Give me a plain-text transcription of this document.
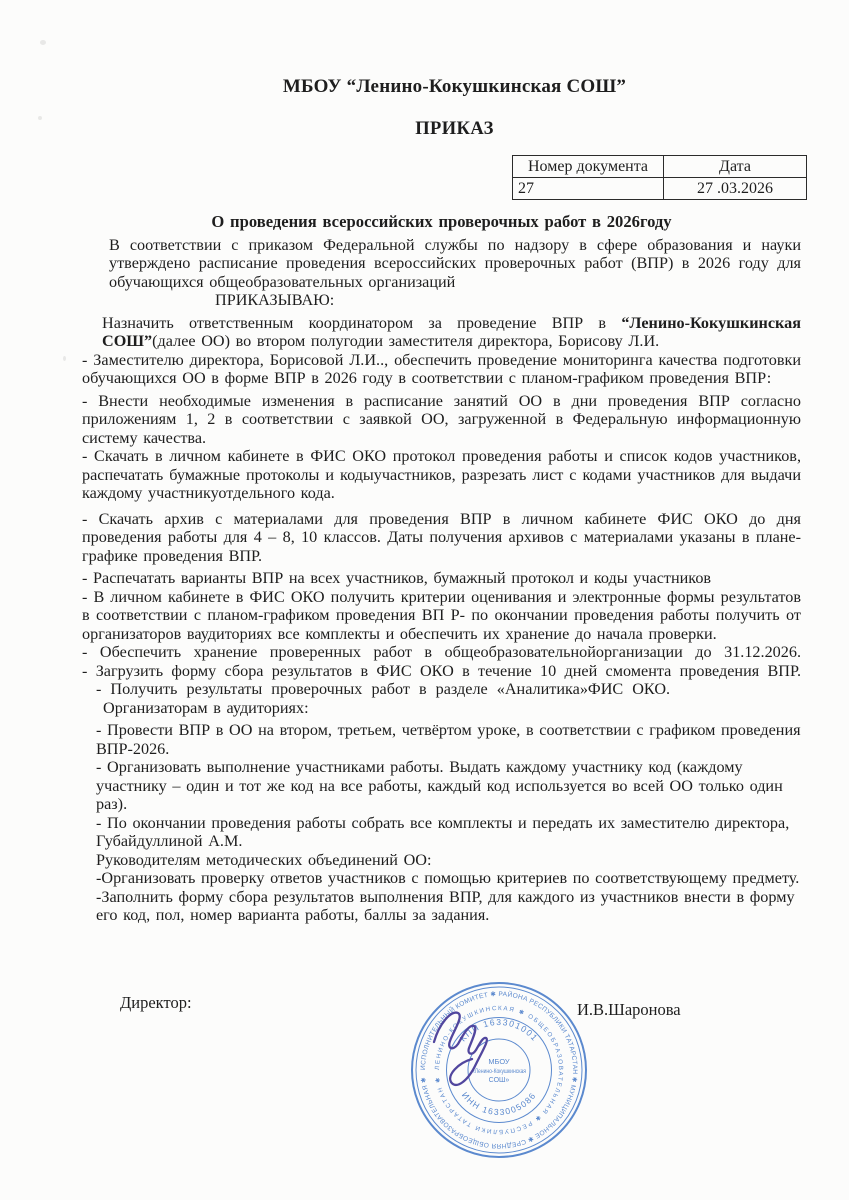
МБОУ “Ленино-Кокушкинская СОШ”
ПРИКАЗ
Номер документа	Дата
27	27 .03.2026

О проведения всероссийских проверочных работ в 2026году

В соответствии с приказом Федеральной службы по надзору в сфере образования и науки утверждено расписание проведения всероссийских проверочных работ (ВПР) в 2026 году для обучающихся общеобразовательных организаций

ПРИКАЗЫВАЮ:

Назначить ответственным координатором за проведение ВПР в “Ленино-Кокушкинская СОШ”(далее ОО) во втором полугодии заместителя директора, Борисову Л.И.

- Заместителю директора, Борисовой Л.И.., обеспечить проведение мониторинга качества подготовки обучающихся ОО в форме ВПР в 2026 году в соответствии с планом-графиком проведения ВПР:

- Внести необходимые изменения в расписание занятий ОО в дни проведения ВПР согласно приложениям 1, 2 в соответствии с заявкой ОО, загруженной в Федеральную информационную систему качества.

- Скачать в личном кабинете в ФИС ОКО протокол проведения работы и список кодов участников, распечатать бумажные протоколы и кодыучастников, разрезать лист с кодами участников для выдачи каждому участникуотдельного кода.

- Скачать архив с материалами для проведения ВПР в личном кабинете ФИС ОКО до дня проведения работы для 4 – 8, 10 классов. Даты получения архивов с материалами указаны в плане-графике проведения ВПР.

- Распечатать варианты ВПР на всех участников, бумажный протокол и коды участников

- В личном кабинете в ФИС ОКО получить критерии оценивания и электронные формы результатов в соответствии с планом-графиком проведения ВП Р- по окончании проведения работы получить от организаторов ваудиториях все комплекты и обеспечить их хранение до начала проверки.

- Обеспечить хранение проверенных работ в общеобразовательнойорганизации до 31.12.2026.

- Загрузить форму сбора результатов в ФИС ОКО в течение 10 дней смомента проведения ВПР.

- Получить результаты проверочных работ в разделе «Аналитика»ФИС ОКО.

Организаторам в аудиториях:

- Провести ВПР в ОО на втором, третьем, четвёртом уроке, в соответствии с графиком проведения ВПР-2026.

- Организовать выполнение участниками работы. Выдать каждому участнику код (каждому участнику – один и тот же код на все работы, каждый код используется во всей ОО только один раз).

- По окончании проведения работы собрать все комплекты и передать их заместителю директора, Губайдуллиной А.М.

Руководителям методических объединений ОО:

-Организовать проверку ответов участников с помощью критериев по соответствующему предмету.

-Заполнить форму сбора результатов выполнения ВПР, для каждого из участников внести в форму его код, пол, номер варианта работы, баллы за задания.

Директор:	И.В.Шаронова
ИСПОЛНИТЕЛЬНЫЙ КОМИТЕТ ✱ РАЙОНА РЕСПУБЛИКИ ТАТАРСТАН ✱ МУНИЦИПАЛЬНОЕ ✱ СРЕДНЯЯ ОБЩЕОБРАЗОВАТЕЛЬНАЯ ✱
ЛЕНИНО-КОКУШКИНСКАЯ ✱ ОБЩЕОБРАЗОВАТЕЛЬНАЯ ✱ РЕСПУБЛИКИ ТАТАРСТАН ✱
КПП 163301001
ИНН 1633005086
МБОУ
«Ленино-Кокушкинская
СОШ»
